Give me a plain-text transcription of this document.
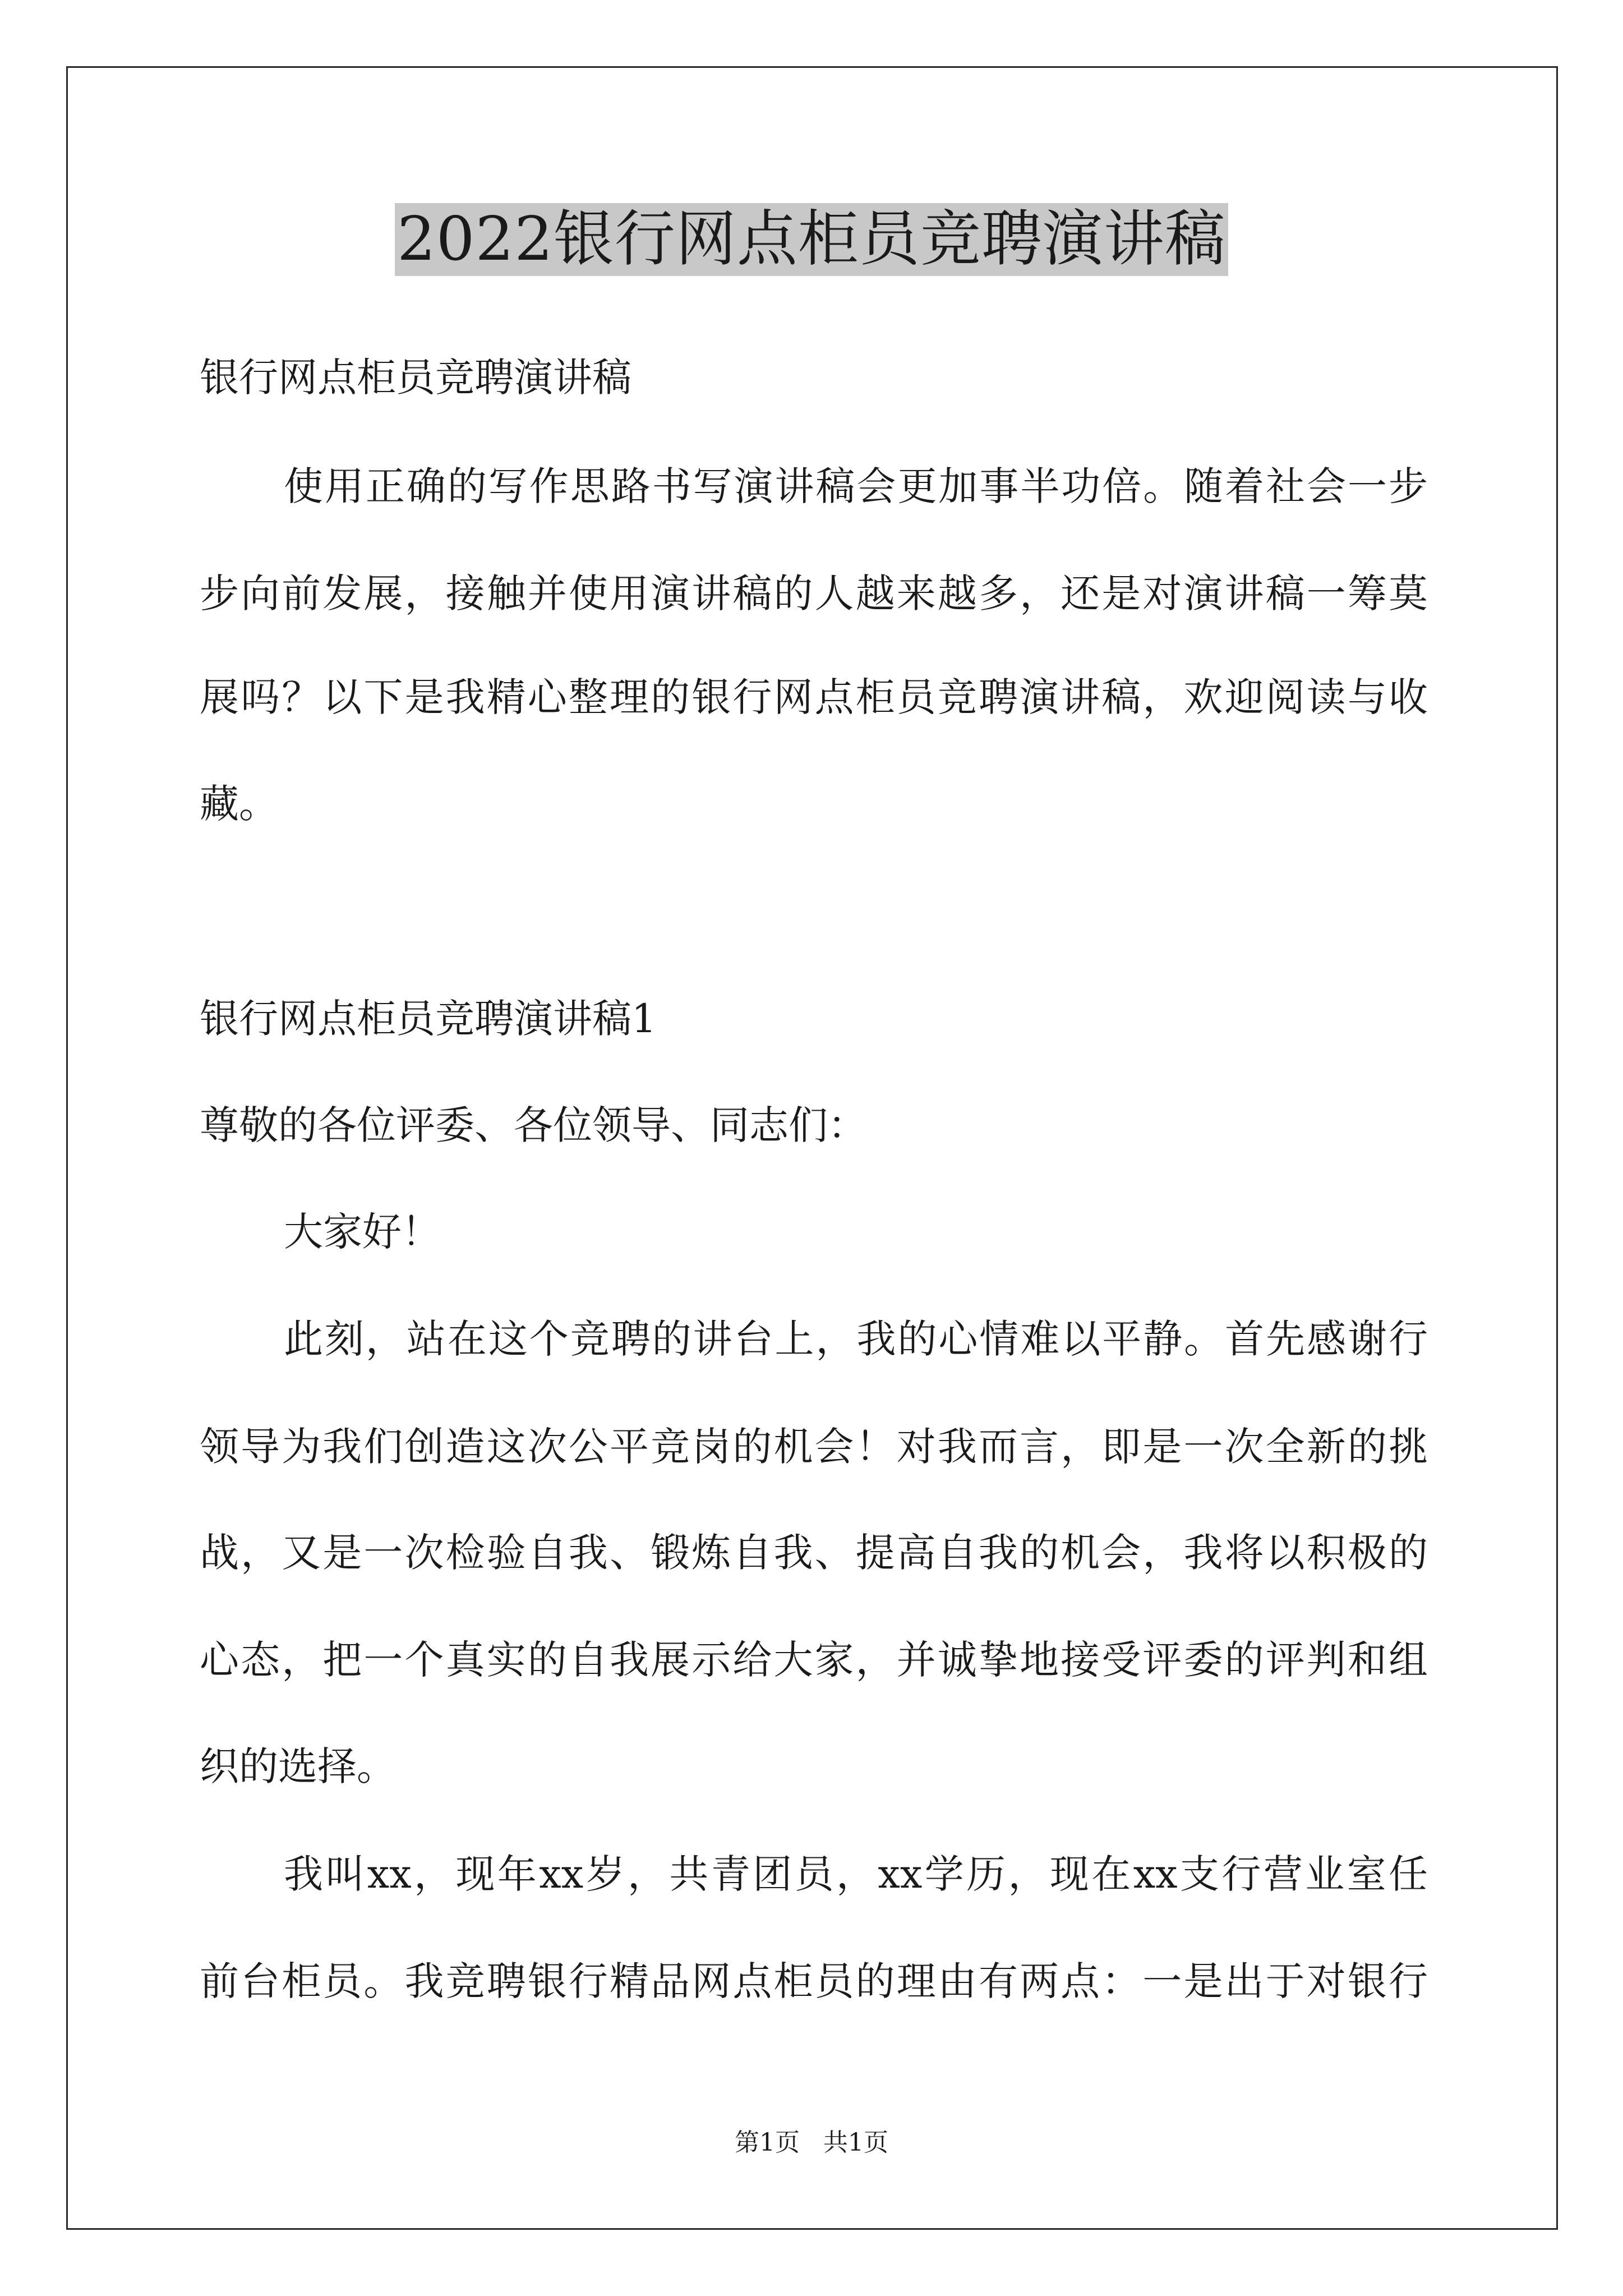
2022银行网点柜员竞聘演讲稿
银行网点柜员竞聘演讲稿
使用正确的写作思路书写演讲稿会更加事半功倍。随着社会一步
步向前发展，接触并使用演讲稿的人越来越多，还是对演讲稿一筹莫
展吗？以下是我精心整理的银行网点柜员竞聘演讲稿，欢迎阅读与收
藏。
银行网点柜员竞聘演讲稿1
尊敬的各位评委、各位领导、同志们：
大家好！
此刻，站在这个竞聘的讲台上，我的心情难以平静。首先感谢行
领导为我们创造这次公平竞岗的机会！对我而言，即是一次全新的挑
战，又是一次检验自我、锻炼自我、提高自我的机会，我将以积极的
心态，把一个真实的自我展示给大家，并诚挚地接受评委的评判和组
织的选择。
我叫xx，现年xx岁，共青团员，xx学历，现在xx支行营业室任
前台柜员。我竞聘银行精品网点柜员的理由有两点：一是出于对银行
第1页   共1页
